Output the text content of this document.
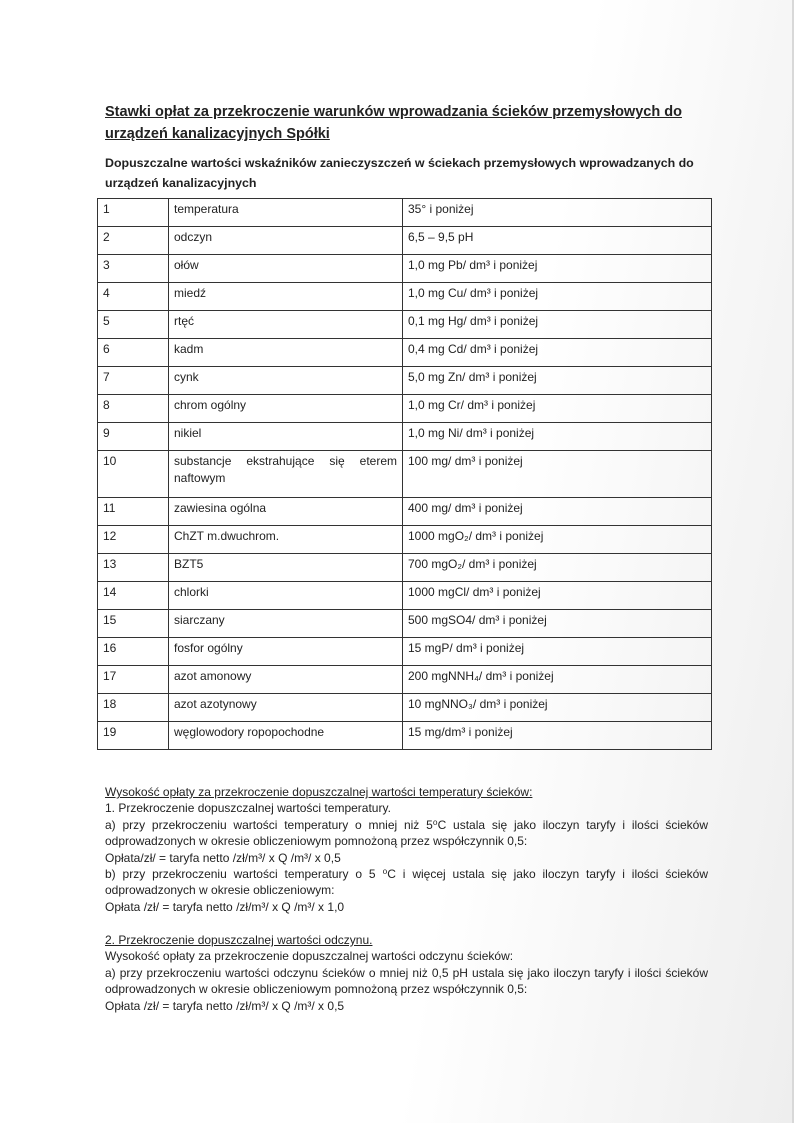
Stawki opłat za przekroczenie warunków wprowadzania ścieków przemysłowych do urządzeń kanalizacyjnych Spółki
Dopuszczalne wartości wskaźników zanieczyszczeń w ściekach przemysłowych wprowadzanych do urządzeń kanalizacyjnych
1	temperatura	35° i poniżej
2	odczyn	6,5 – 9,5 pH
3	ołów	1,0 mg Pb/ dm³ i poniżej
4	miedź	1,0 mg Cu/ dm³ i poniżej
5	rtęć	0,1 mg Hg/ dm³ i poniżej
6	kadm	0,4 mg Cd/ dm³ i poniżej
7	cynk	5,0 mg Zn/ dm³ i poniżej
8	chrom ogólny	1,0 mg Cr/ dm³ i poniżej
9	nikiel	1,0 mg Ni/ dm³ i poniżej
10	substancje ekstrahujące się eterem naftowym	100 mg/ dm³ i poniżej
11	zawiesina ogólna	400 mg/ dm³ i poniżej
12	ChZT m.dwuchrom.	1000 mgO₂/ dm³ i poniżej
13	BZT5	700 mgO₂/ dm³ i poniżej
14	chlorki	1000 mgCl/ dm³ i poniżej
15	siarczany	500 mgSO4/ dm³ i poniżej
16	fosfor ogólny	15 mgP/ dm³ i poniżej
17	azot amonowy	200 mgNNH₄/ dm³ i poniżej
18	azot azotynowy	10 mgNNO₃/ dm³ i poniżej
19	węglowodory ropopochodne	15 mg/dm³ i poniżej
Wysokość opłaty za przekroczenie dopuszczalnej wartości temperatury ścieków:
1. Przekroczenie dopuszczalnej wartości temperatury.
a) przy przekroczeniu wartości temperatury o mniej niż 5⁰C ustala się jako iloczyn taryfy i ilości ścieków odprowadzonych w okresie obliczeniowym pomnożoną przez współczynnik 0,5:
Opłata/zł/ = taryfa netto /zł/m³/ x Q /m³/ x 0,5
b) przy przekroczeniu wartości temperatury o 5 ⁰C i więcej ustala się jako iloczyn taryfy i ilości ścieków odprowadzonych w okresie obliczeniowym:
Opłata /zł/ = taryfa netto /zł/m³/ x Q /m³/ x 1,0
2. Przekroczenie dopuszczalnej wartości odczynu.
Wysokość opłaty za przekroczenie dopuszczalnej wartości odczynu ścieków:
a) przy przekroczeniu wartości odczynu ścieków o mniej niż 0,5 pH ustala się jako iloczyn taryfy i ilości ścieków odprowadzonych w okresie obliczeniowym pomnożoną przez współczynnik 0,5:
Opłata /zł/ = taryfa netto /zł/m³/ x Q /m³/ x 0,5
